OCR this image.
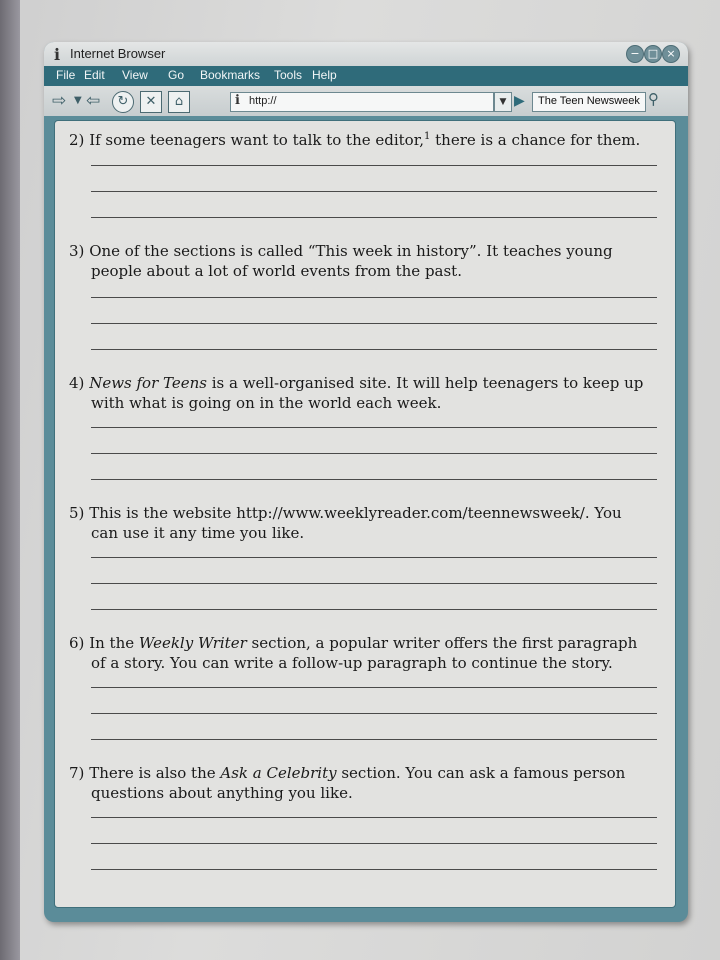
ℹ Internet Browser	− □ ×
File Edit View Go Bookmarks Tools Help
⇨ ▼ ⇦	↻	✕	⌂	ℹ http://	▼ ▶ The Teen Newsweek ⚲
2) If some teenagers want to talk to the editor,$^1$ there is a chance for them.
3) One of the sections is called “This week in history”. It teaches young
people about a lot of world events from the past.
4) News for Teens is a well-organised site. It will help teenagers to keep up
with what is going on in the world each week.
5) This is the website http://www.weeklyreader.com/teennewsweek/. You
can use it any time you like.
6) In the Weekly Writer section, a popular writer offers the first paragraph
of a story. You can write a follow-up paragraph to continue the story.
7) There is also the Ask a Celebrity section. You can ask a famous person
questions about anything you like.
